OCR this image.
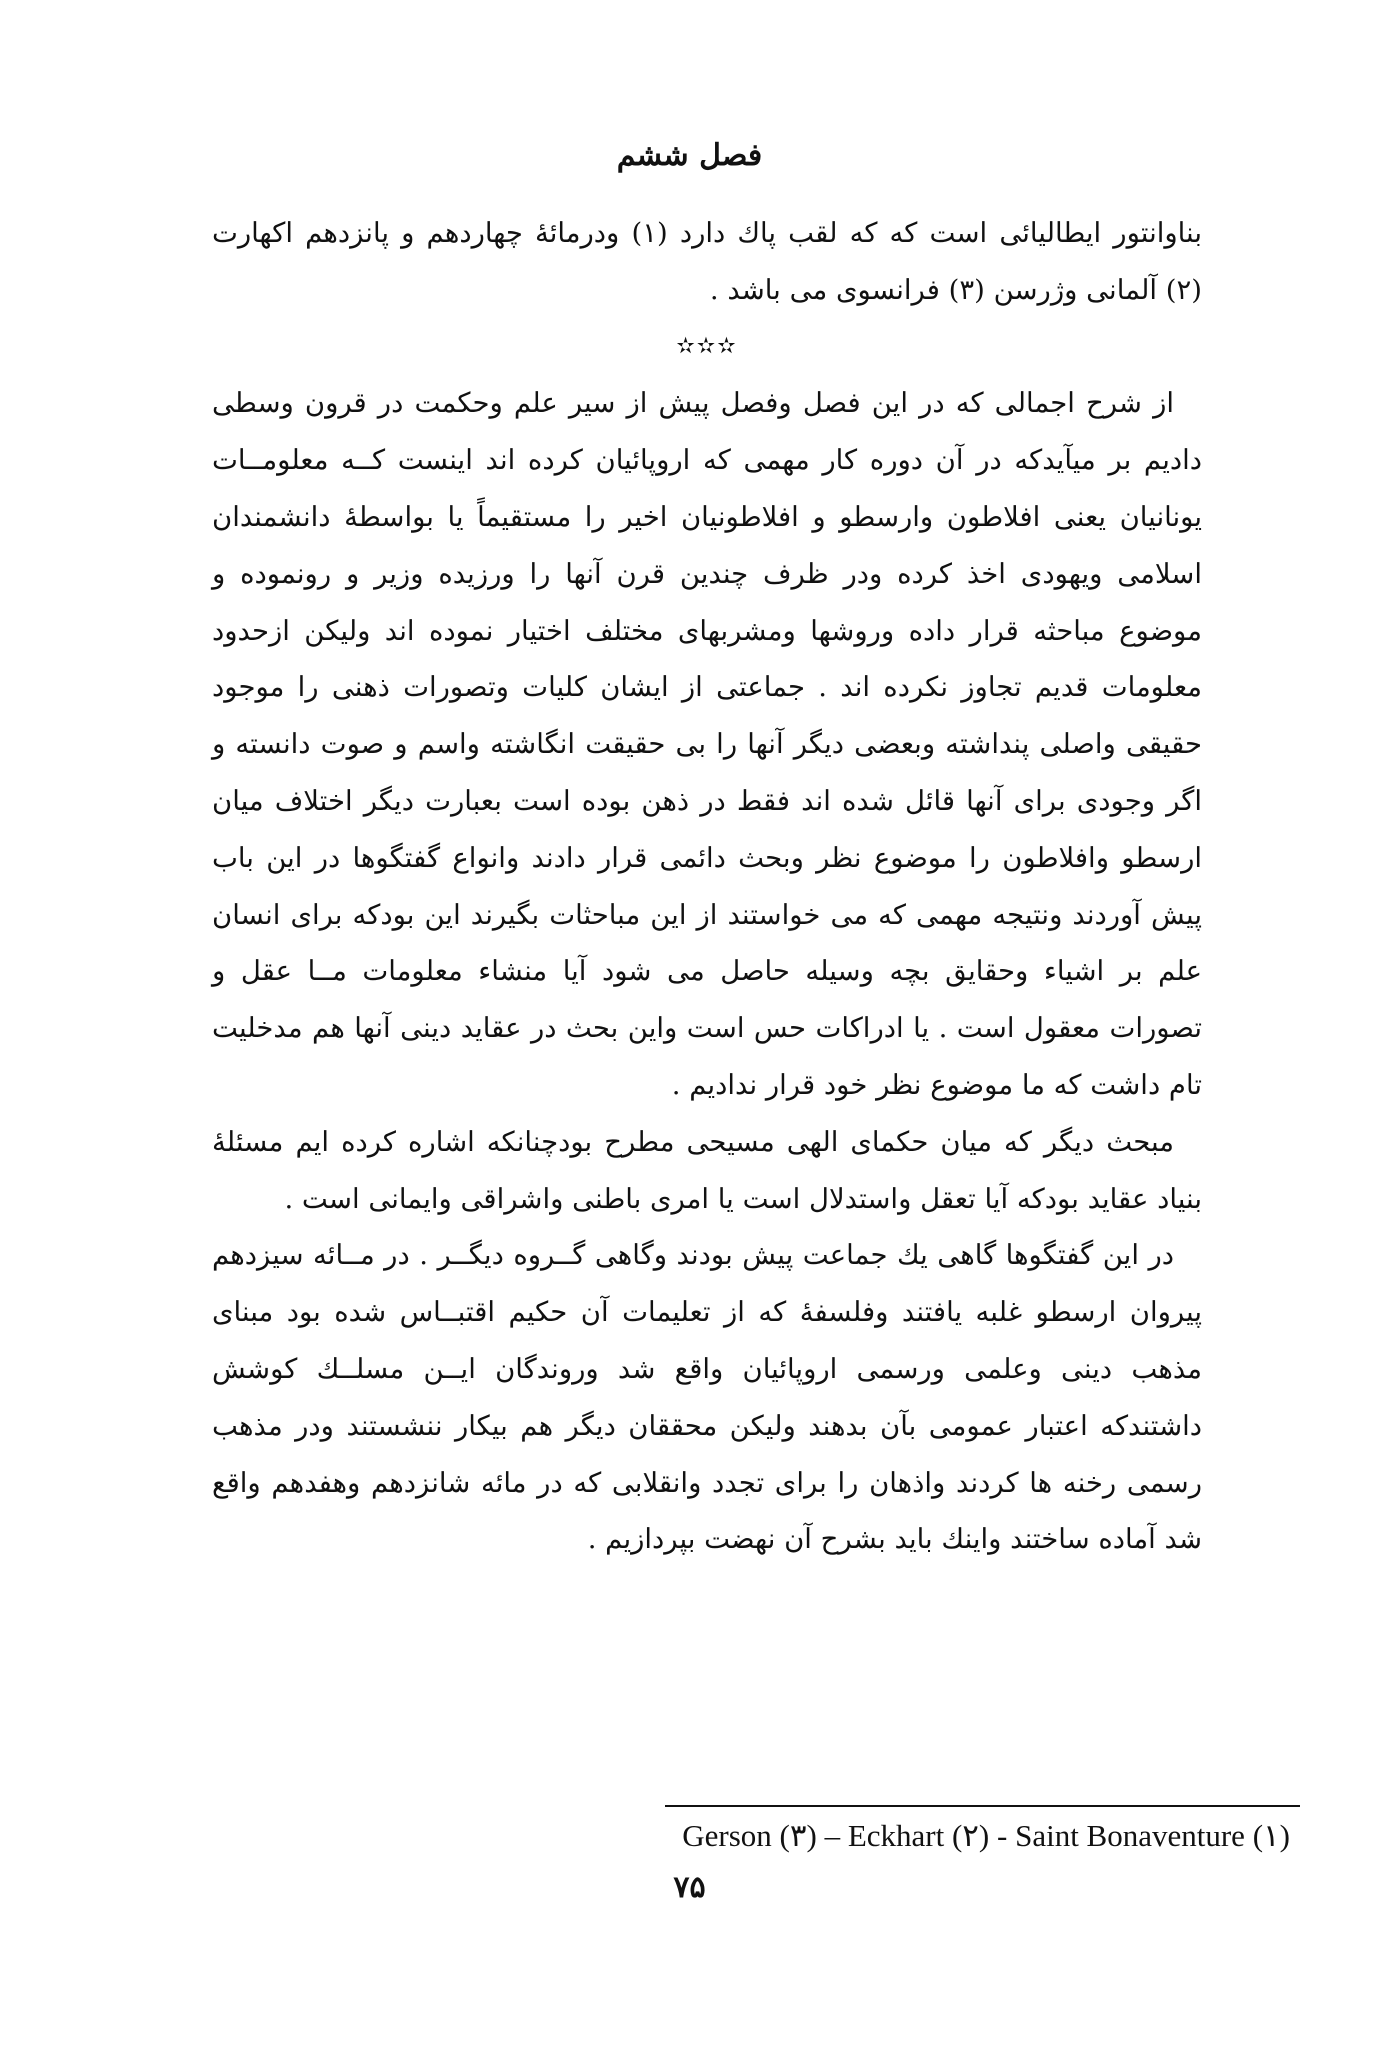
فصل ششم

بناوانتور ایطالیائی است که که لقب پاك دارد (۱) ودرمائهٔ چهاردهم و پانزدهم اکهارت (۲) آلمانی وژرسن (۳) فرانسوی می باشد .

✫✫✫

از شرح اجمالی که در این فصل وفصل پیش از سیر علم وحکمت در قرون وسطی دادیم بر میآیدکه در آن دوره کار مهمی که اروپائیان کرده اند اینست کــه معلومــات یونانیان یعنی افلاطون وارسطو و افلاطونیان اخیر را مستقیماً یا بواسطهٔ دانشمندان اسلامی ویهودی اخذ کرده ودر ظرف چندین قرن آنها را ورزیده وزیر و رونموده و موضوع مباحثه قرار داده وروشها ومشربهای مختلف اختیار نموده اند ولیکن ازحدود معلومات قدیم تجاوز نکرده اند . جماعتی از ایشان کلیات وتصورات ذهنی را موجود حقیقی واصلی پنداشته وبعضی دیگر آنها را بی حقیقت انگاشته واسم و صوت دانسته و اگر وجودی برای آنها قائل شده اند فقط در ذهن بوده است بعبارت دیگر اختلاف میان ارسطو وافلاطون را موضوع نظر وبحث دائمی قرار دادند وانواع گفتگوها در این باب پیش آوردند ونتیجه مهمی که می خواستند از این مباحثات بگیرند این بودکه برای انسان علم بر اشیاء وحقایق بچه وسیله حاصل می شود آیا منشاء معلومات مــا عقل و تصورات معقول است . یا ادراکات حس است واین بحث در عقاید دینی آنها هم مدخلیت تام داشت که ما موضوع نظر خود قرار ندادیم .

مبحث دیگر که میان حکمای الهی مسیحی مطرح بودچنانکه اشاره کرده ایم مسئلهٔ بنیاد عقاید بودکه آیا تعقل واستدلال است یا امری باطنی واشراقی وایمانی است .

در این گفتگوها گاهی یك جماعت پیش بودند وگاهی گــروه دیگــر . در مــائه سیزدهم پیروان ارسطو غلبه یافتند وفلسفهٔ که از تعلیمات آن حکیم اقتبــاس شده بود مبنای مذهب دینی وعلمی ورسمی اروپائیان واقع شد وروندگان ایــن مسلــك کوشش داشتندکه اعتبار عمومی بآن بدهند ولیکن محققان دیگر هم بیکار ننشستند ودر مذهب رسمی رخنه ها کردند واذهان را برای تجدد وانقلابی که در مائه شانزدهم وهفدهم واقع شد آماده ساختند واینك باید بشرح آن نهضت بپردازیم .

Gerson (۳) – Eckhart (۲) - Saint Bonaventure (۱)
۷۵
